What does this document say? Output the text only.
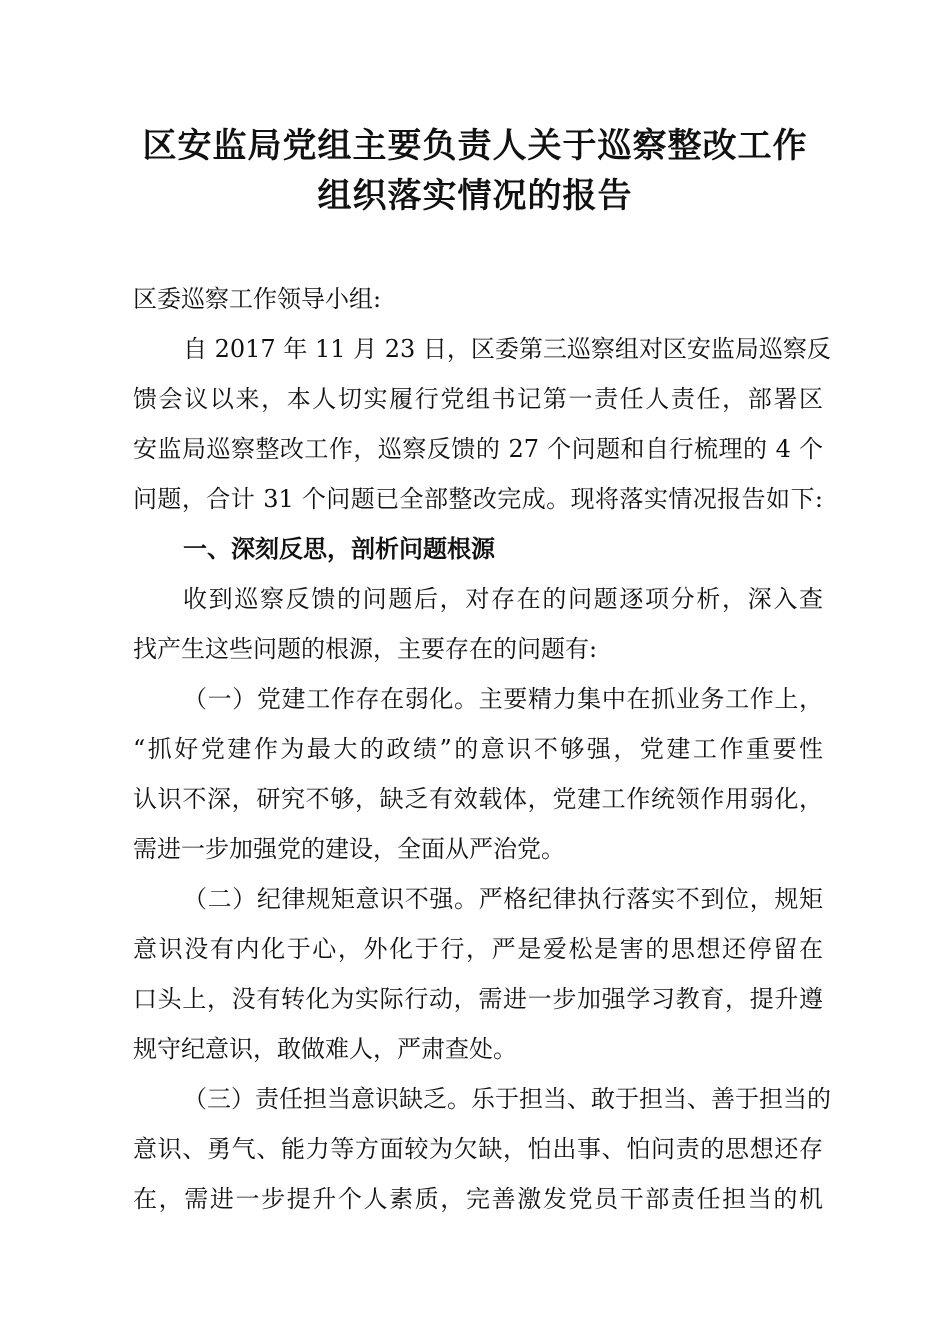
区安监局党组主要负责人关于巡察整改工作
组织落实情况的报告
区委巡察工作领导小组:
自 2017 年 11 月 23 日，区委第三巡察组对区安监局巡察反
馈会议以来，本人切实履行党组书记第一责任人责任，部署区
安监局巡察整改工作，巡察反馈的 27 个问题和自行梳理的 4 个
问题，合计 31 个问题已全部整改完成。现将落实情况报告如下:
一、深刻反思，剖析问题根源
收到巡察反馈的问题后，对存在的问题逐项分析，深入查
找产生这些问题的根源，主要存在的问题有:
（一）党建工作存在弱化。主要精力集中在抓业务工作上，
“抓好党建作为最大的政绩”的意识不够强，党建工作重要性
认识不深，研究不够，缺乏有效载体，党建工作统领作用弱化，
需进一步加强党的建设，全面从严治党。
（二）纪律规矩意识不强。严格纪律执行落实不到位，规矩
意识没有内化于心，外化于行，严是爱松是害的思想还停留在
口头上，没有转化为实际行动，需进一步加强学习教育，提升遵
规守纪意识，敢做难人，严肃查处。
（三）责任担当意识缺乏。乐于担当、敢于担当、善于担当的
意识、勇气、能力等方面较为欠缺，怕出事、怕问责的思想还存
在，需进一步提升个人素质，完善激发党员干部责任担当的机
